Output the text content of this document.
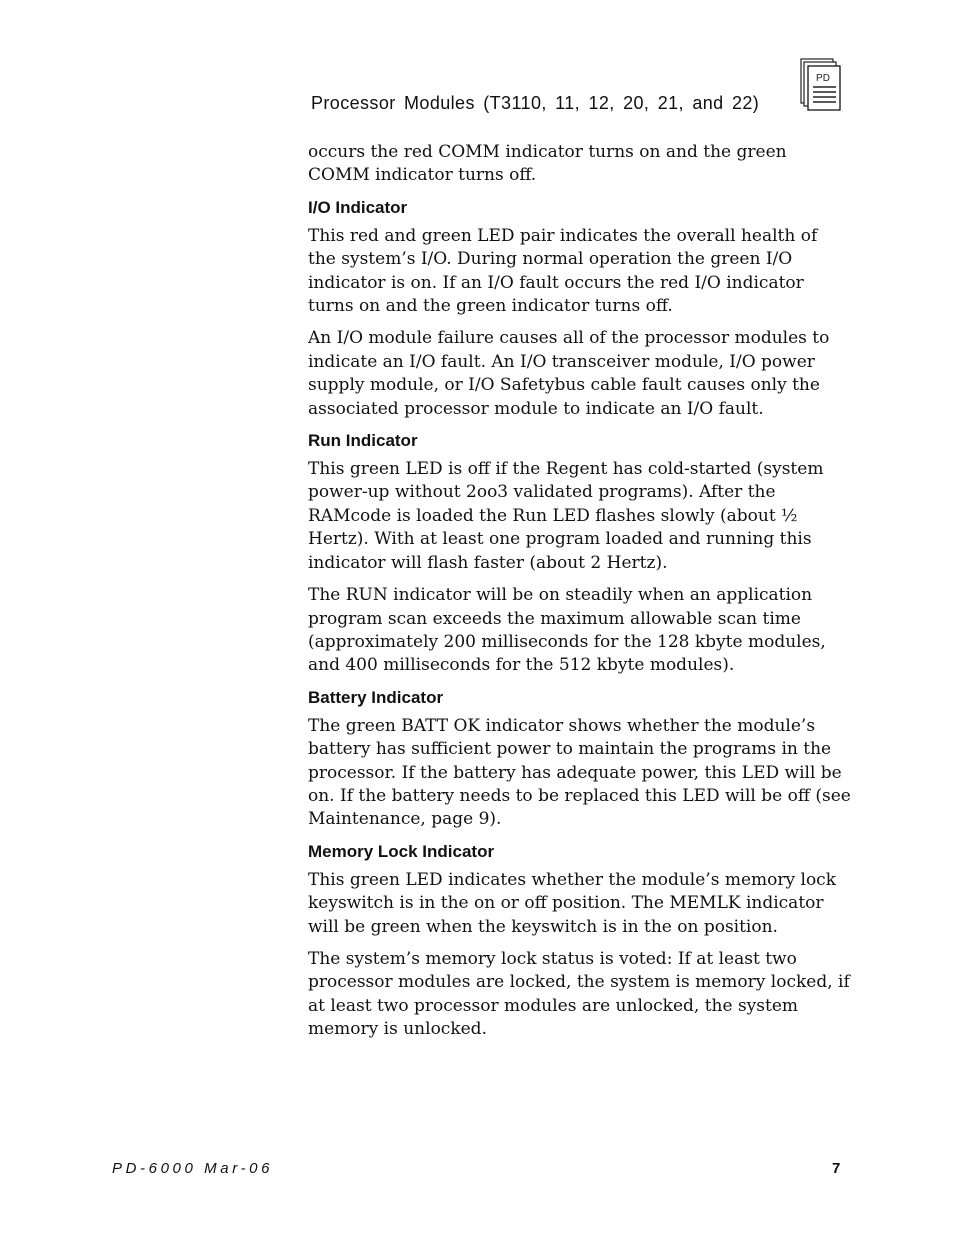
Processor Modules (T3110, 11, 12, 20, 21, and 22)
PD

occurs the red COMM indicator turns on and the green
COMM indicator turns off.

I/O Indicator

This red and green LED pair indicates the overall health of
the system’s I/O. During normal operation the green I/O
indicator is on. If an I/O fault occurs the red I/O indicator
turns on and the green indicator turns off.

An I/O module failure causes all of the processor modules to
indicate an I/O fault. An I/O transceiver module, I/O power
supply module, or I/O Safetybus cable fault causes only the
associated processor module to indicate an I/O fault.

Run Indicator

This green LED is off if the Regent has cold-started (system
power-up without 2oo3 validated programs). After the
RAMcode is loaded the Run LED flashes slowly (about ½
Hertz). With at least one program loaded and running this
indicator will flash faster (about 2 Hertz).

The RUN indicator will be on steadily when an application
program scan exceeds the maximum allowable scan time
(approximately 200 milliseconds for the 128 kbyte modules,
and 400 milliseconds for the 512 kbyte modules).

Battery Indicator

The green BATT OK indicator shows whether the module’s
battery has sufficient power to maintain the programs in the
processor. If the battery has adequate power, this LED will be
on. If the battery needs to be replaced this LED will be off (see
Maintenance, page 9).

Memory Lock Indicator

This green LED indicates whether the module’s memory lock
keyswitch is in the on or off position. The MEMLK indicator
will be green when the keyswitch is in the on position.

The system’s memory lock status is voted: If at least two
processor modules are locked, the system is memory locked, if
at least two processor modules are unlocked, the system
memory is unlocked.

PD-6000 Mar-06	7
